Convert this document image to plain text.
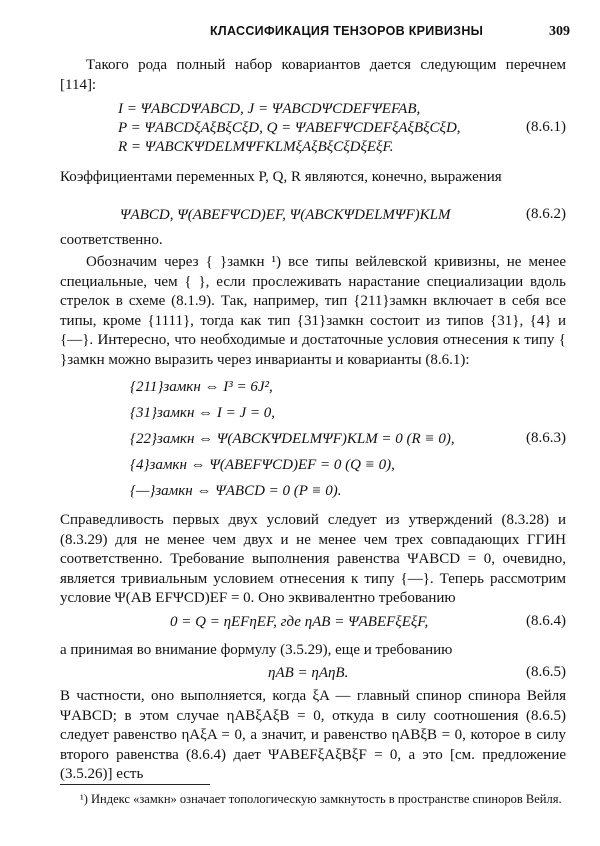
КЛАССИФИКАЦИЯ ТЕНЗОРОВ КРИВИЗНЫ	309

Такого рода полный набор ковариантов дается следующим перечнем [114]:

I = ΨABCDΨABCD, J = ΨABCDΨCDEFΨEFAB,
P = ΨABCDξAξBξCξD, Q = ΨABEFΨCDEFξAξBξCξD,
R = ΨABCKΨDELMΨFKLMξAξBξCξDξEξF.
(8.6.1)

Коэффициентами переменных P, Q, R являются, конечно, выражения

ΨABCD, Ψ(ABEFΨCD)EF, Ψ(ABCKΨDELMΨF)KLM	(8.6.2)

соответственно.

Обозначим через { }замкн ¹) все типы вейлевской кривизны, не менее специальные, чем { }, если прослеживать нарастание специализации вдоль стрелок в схеме (8.1.9). Так, например, тип {211}замкн включает в себя все типы, кроме {1111}, тогда как тип {31}замкн состоит из типов {31}, {4} и {—}. Интересно, что необходимые и достаточные условия отнесения к типу { }замкн можно выразить через инварианты и коварианты (8.6.1):

{211}замкн ⇔ I³ = 6J²,
{31}замкн ⇔ I = J = 0,
{22}замкн ⇔ Ψ(ABCKΨDELMΨF)KLM = 0 (R ≡ 0),
{4}замкн ⇔ Ψ(ABEFΨCD)EF = 0 (Q ≡ 0),
{—}замкн ⇔ ΨABCD = 0 (P ≡ 0).
(8.6.3)

Справедливость первых двух условий следует из утверждений (8.3.28) и (8.3.29) для не менее чем двух и не менее чем трех совпадающих ГГИН соответственно. Требование выполнения равенства ΨABCD = 0, очевидно, является тривиальным условием отнесения к типу {—}. Теперь рассмотрим условие Ψ(AB EFΨCD)EF = 0. Оно эквивалентно требованию

0 = Q = ηEFηEF, где ηAB = ΨABEFξEξF,	(8.6.4)

а принимая во внимание формулу (3.5.29), еще и требованию

ηAB = ηAηB.	(8.6.5)

В частности, оно выполняется, когда ξA — главный спинор спинора Вейля ΨABCD; в этом случае ηABξAξB = 0, откуда в силу соотношения (8.6.5) следует равенство ηAξA = 0, а значит, и равенство ηABξB = 0, которое в силу второго равенства (8.6.4) дает ΨABEFξAξBξF = 0, а это [см. предложение (3.5.26)] есть

¹) Индекс «замкн» означает топологическую замкнутость в пространстве спиноров Вейля.
